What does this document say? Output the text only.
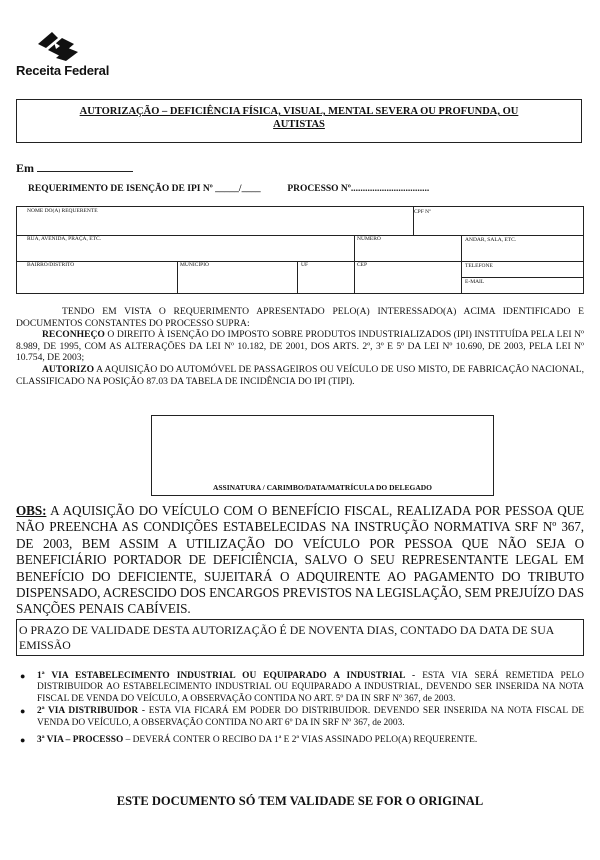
Receita Federal
AUTORIZAÇÃO – DEFICIÊNCIA FÍSICA, VISUAL, MENTAL SEVERA OU PROFUNDA, OU AUTISTAS
Em
REQUERIMENTO DE ISENÇÃO DE IPI Nº _____/____	PROCESSO Nº.................................
NOME DO(A) REQUERENTE	CPF Nº
RUA, AVENIDA, PRAÇA, ETC.	NÚMERO	ANDAR, SALA, ETC.
BAIRRO/DISTRITO	MUNICÍPIO	UF	CEP	TELEFONE
E-MAIL

TENDO EM VISTA O REQUERIMENTO APRESENTADO PELO(A) INTERESSADO(A) ACIMA IDENTIFICADO E DOCUMENTOS CONSTANTES DO PROCESSO SUPRA:

RECONHEÇO O DIREITO À ISENÇÃO DO IMPOSTO SOBRE PRODUTOS INDUSTRIALIZADOS (IPI) INSTITUÍDA PELA LEI Nº 8.989, DE 1995, COM AS ALTERAÇÕES DA LEI Nº 10.182, DE 2001, DOS ARTS. 2º, 3º E 5º DA LEI Nº 10.690, DE 2003, PELA LEI Nº 10.754, DE 2003;

AUTORIZO A AQUISIÇÃO DO AUTOMÓVEL DE PASSAGEIROS OU VEÍCULO DE USO MISTO, DE FABRICAÇÃO NACIONAL, CLASSIFICADO NA POSIÇÃO 87.03 DA TABELA DE INCIDÊNCIA DO IPI (TIPI).

ASSINATURA / CARIMBO/DATA/MATRÍCULA DO DELEGADO
OBS: A AQUISIÇÃO DO VEÍCULO COM O BENEFÍCIO FISCAL, REALIZADA POR PESSOA QUE NÃO PREENCHA AS CONDIÇÕES ESTABELECIDAS NA INSTRUÇÃO NORMATIVA SRF Nº 367, DE 2003, BEM ASSIM A UTILIZAÇÃO DO VEÍCULO POR PESSOA QUE NÃO SEJA O BENEFICIÁRIO PORTADOR DE DEFICIÊNCIA, SALVO O SEU REPRESENTANTE LEGAL EM BENEFÍCIO DO DEFICIENTE, SUJEITARÁ O ADQUIRENTE AO PAGAMENTO DO TRIBUTO DISPENSADO, ACRESCIDO DOS ENCARGOS PREVISTOS NA LEGISLAÇÃO, SEM PREJUÍZO DAS SANÇÕES PENAIS CABÍVEIS.
O PRAZO DE VALIDADE DESTA AUTORIZAÇÃO É DE NOVENTA DIAS, CONTADO DA DATA DE SUA EMISSÃO
● 1ª VIA ESTABELECIMENTO INDUSTRIAL OU EQUIPARADO A INDUSTRIAL - ESTA VIA SERÁ REMETIDA PELO DISTRIBUIDOR AO ESTABELECIMENTO INDUSTRIAL OU EQUIPARADO A INDUSTRIAL, DEVENDO SER INSERIDA NA NOTA FISCAL DE VENDA DO VEÍCULO, A OBSERVAÇÃO CONTIDA NO ART. 5º DA IN SRF Nº 367, de 2003.
● 2ª VIA DISTRIBUIDOR - ESTA VIA FICARÁ EM PODER DO DISTRIBUIDOR. DEVENDO SER INSERIDA NA NOTA FISCAL DE VENDA DO VEÍCULO, A OBSERVAÇÃO CONTIDA NO ART 6º DA IN SRF Nº 367, de 2003.
● 3ª VIA – PROCESSO – DEVERÁ CONTER O RECIBO DA 1ª E 2ª VIAS ASSINADO PELO(A) REQUERENTE.
ESTE DOCUMENTO SÓ TEM VALIDADE SE FOR O ORIGINAL
